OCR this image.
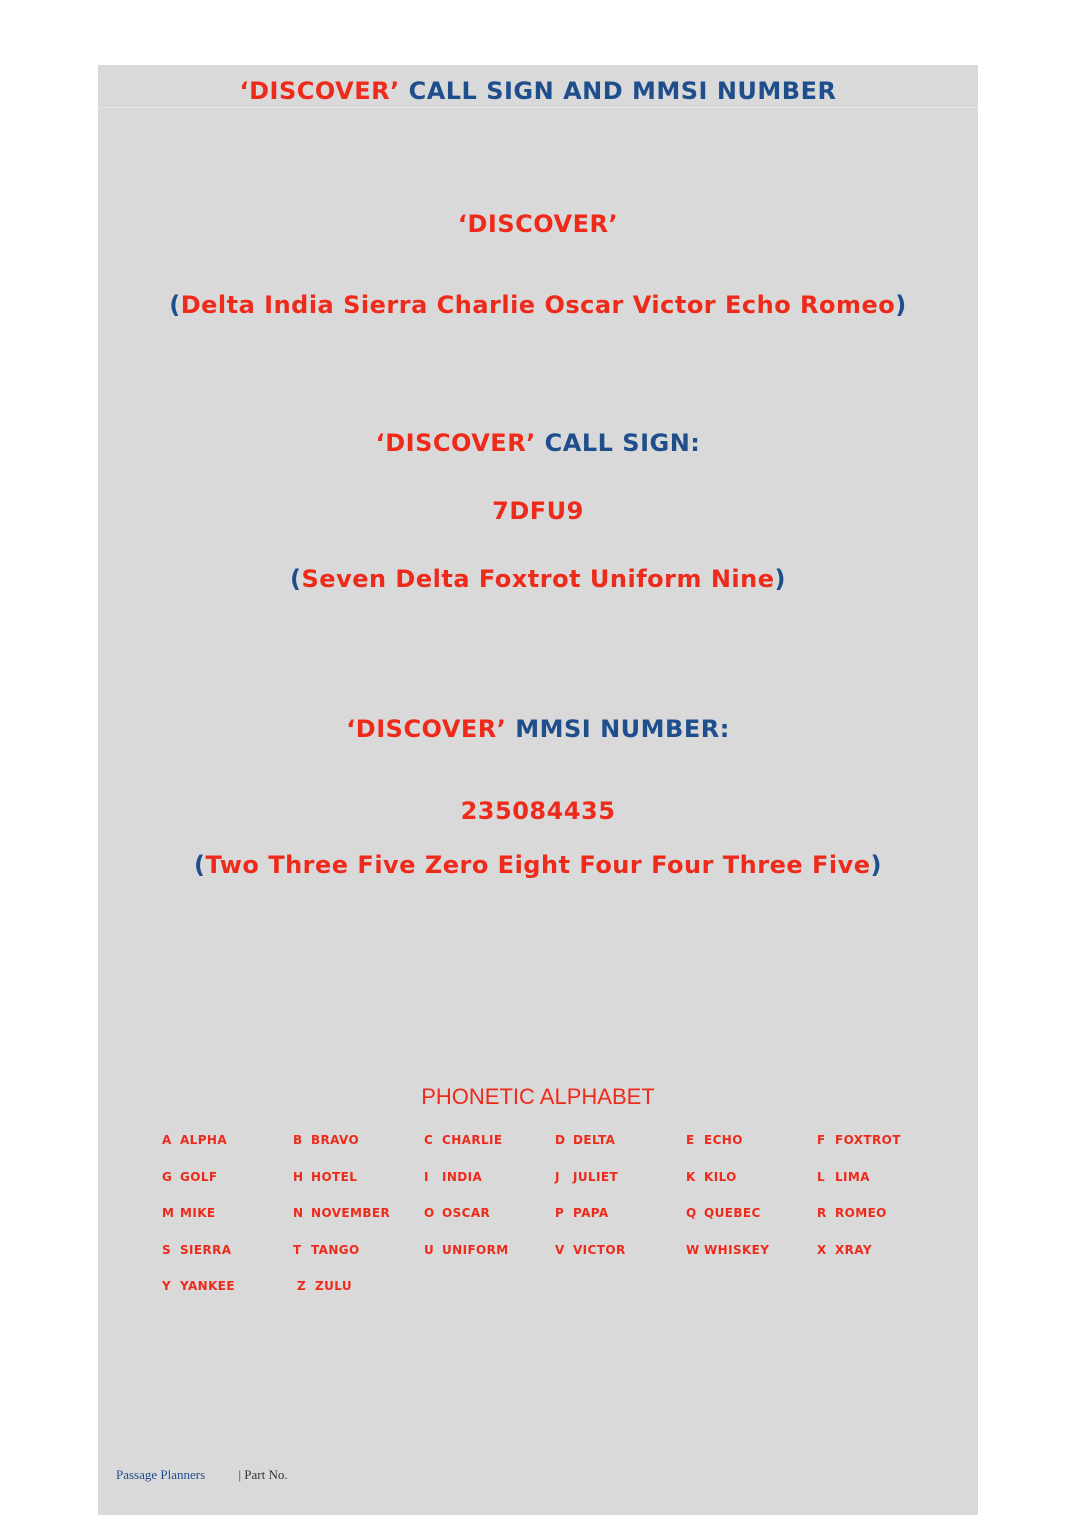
‘DISCOVER’ CALL SIGN AND MMSI NUMBER
‘DISCOVER’
(Delta India Sierra Charlie Oscar Victor Echo Romeo)
‘DISCOVER’ CALL SIGN:
7DFU9
(Seven Delta Foxtrot Uniform Nine)
‘DISCOVER’ MMSI NUMBER:
235084435
(Two Three Five Zero Eight Four Four Three Five)
PHONETIC ALPHABET
A ALPHA	B BRAVO	C CHARLIE	D DELTA	E ECHO	F FOXTROT
G GOLF	H HOTEL	I INDIA	J JULIET	K KILO	L LIMA
M MIKE	N NOVEMBER	O OSCAR	P PAPA	Q QUEBEC	R ROMEO
S SIERRA	T TANGO	U UNIFORM	V VICTOR	W WHISKEY	X XRAY
Y YANKEE	Z ZULU
Passage Planners	| Part No.
